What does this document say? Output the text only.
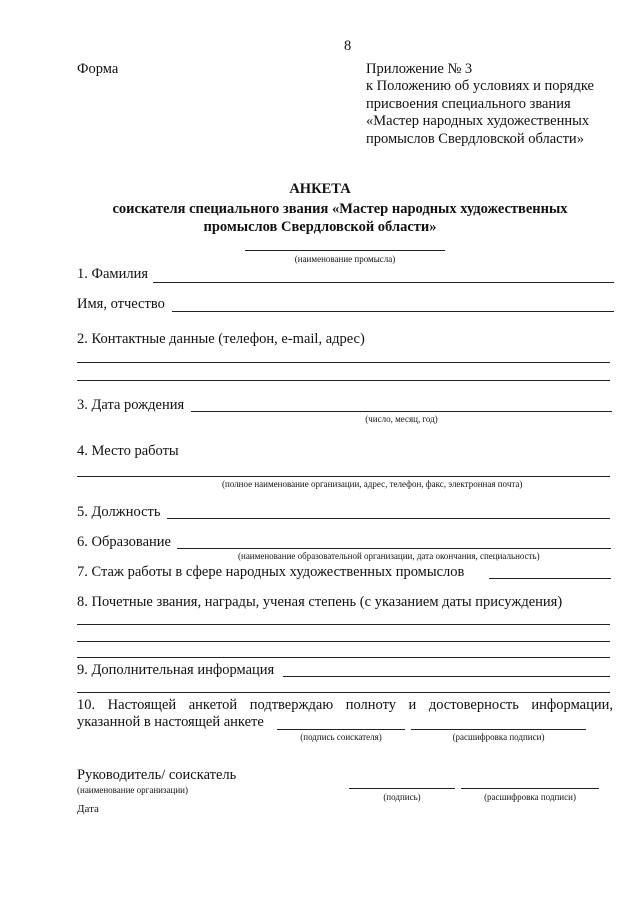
8
Форма	Приложение № 3
к Положению об условиях и порядке
присвоения специального звания
«Мастер народных художественных
промыслов Свердловской области»
АНКЕТА
соискателя специального звания «Мастер народных художественных
промыслов Свердловской области»
(наименование промысла)
1. Фамилия
Имя, отчество
2. Контактные данные (телефон, e-mail, адрес)
3. Дата рождения
(число, месяц, год)
4. Место работы
(полное наименование организации, адрес, телефон, факс, электронная почта)
5. Должность
6. Образование
(наименование образовательной организации, дата окончания, специальность)
7. Стаж работы в сфере народных художественных промыслов
8. Почетные звания, награды, ученая степень (с указанием даты присуждения)
9. Дополнительная информация
10. Настоящей анкетой подтверждаю полноту и достоверность информации,
указанной в настоящей анкете
(подпись соискателя)	(расшифровка подписи)
Руководитель/ соискатель
(наименование организации)
(подпись)	(расшифровка подписи)
Дата
